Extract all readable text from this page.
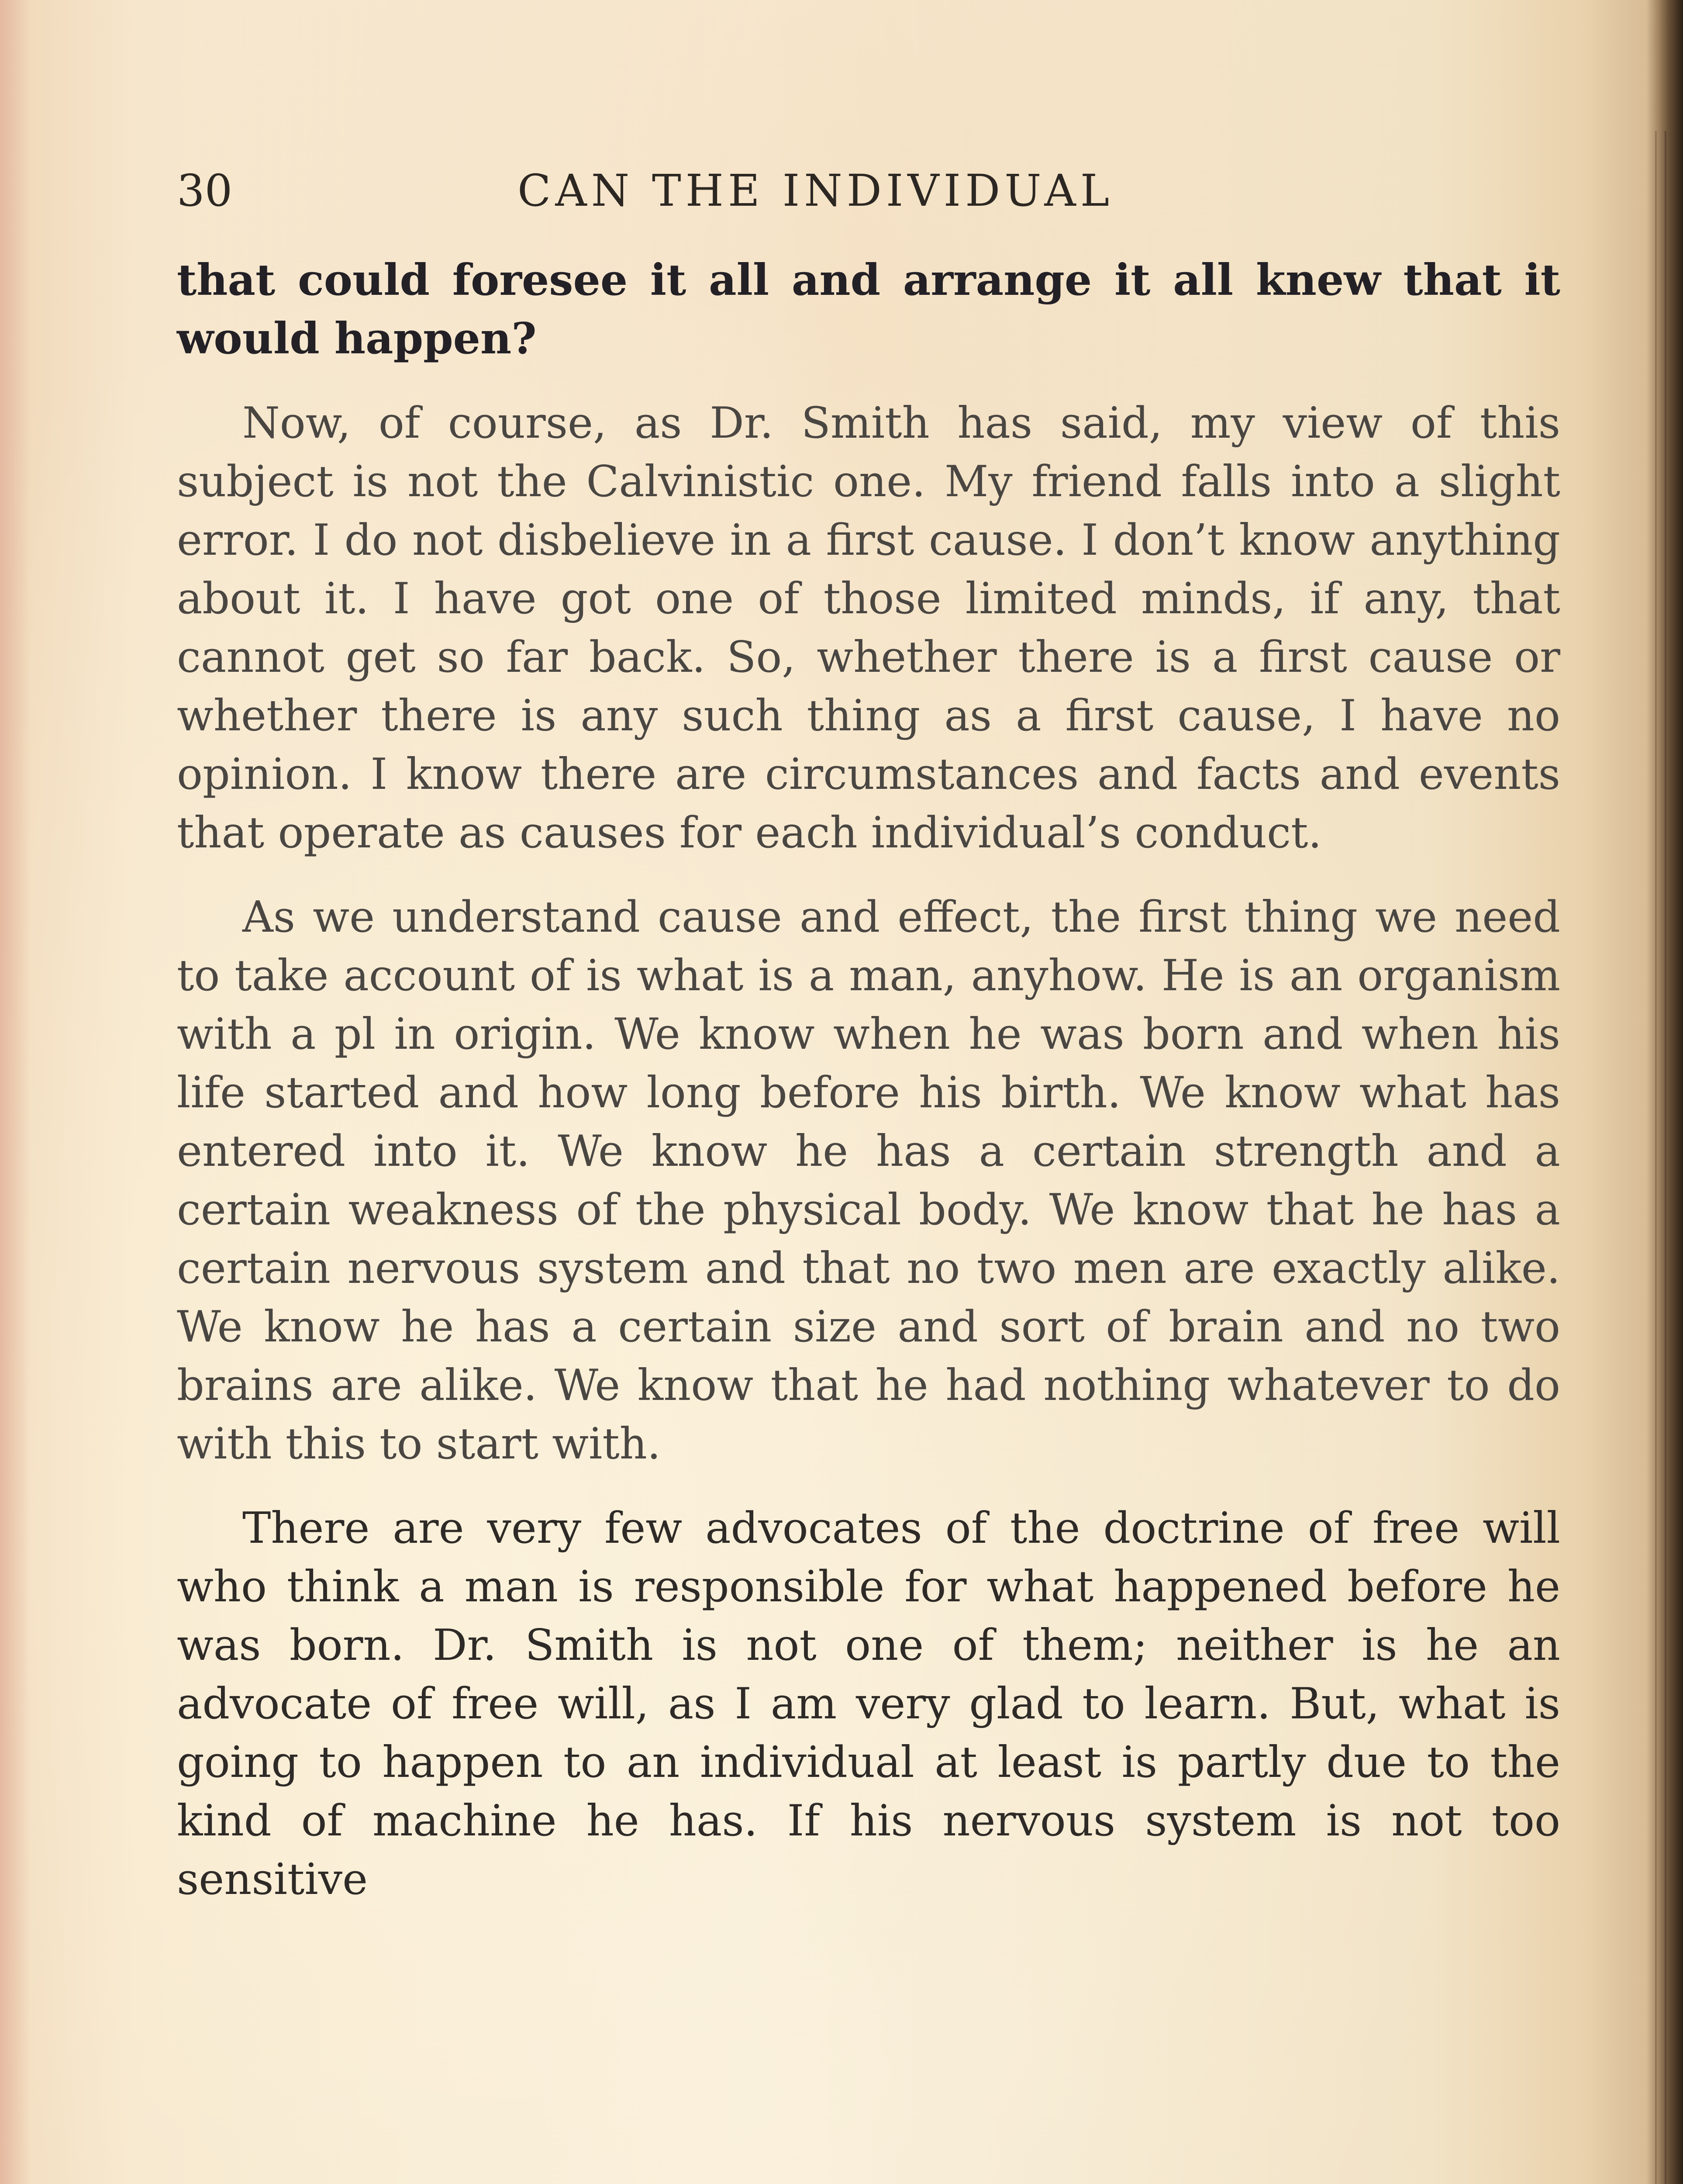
30	CAN THE INDIVIDUAL

that could foresee it all and arrange it all knew that it would happen?

Now, of course, as Dr. Smith has said, my view of this subject is not the Calvinistic one. My friend falls into a slight error. I do not disbelieve in a first cause. I don’t know anything about it. I have got one of those limited minds, if any, that cannot get so far back. So, whether there is a first cause or whether there is any such thing as a first cause, I have no opinion. I know there are circumstances and facts and events that operate as causes for each individual’s conduct.

As we understand cause and effect, the first thing we need to take account of is what is a man, anyhow. He is an organism with a pl in origin. We know when he was born and when his life started and how long before his birth. We know what has entered into it. We know he has a certain strength and a certain weakness of the physical body. We know that he has a certain nervous system and that no two men are exactly alike. We know he has a certain size and sort of brain and no two brains are alike. We know that he had nothing whatever to do with this to start with.

There are very few advocates of the doctrine of free will who think a man is responsible for what happened before he was born. Dr. Smith is not one of them; neither is he an advocate of free will, as I am very glad to learn. But, what is going to happen to an individual at least is partly due to the kind of machine he has. If his nervous system is not too sensitive
